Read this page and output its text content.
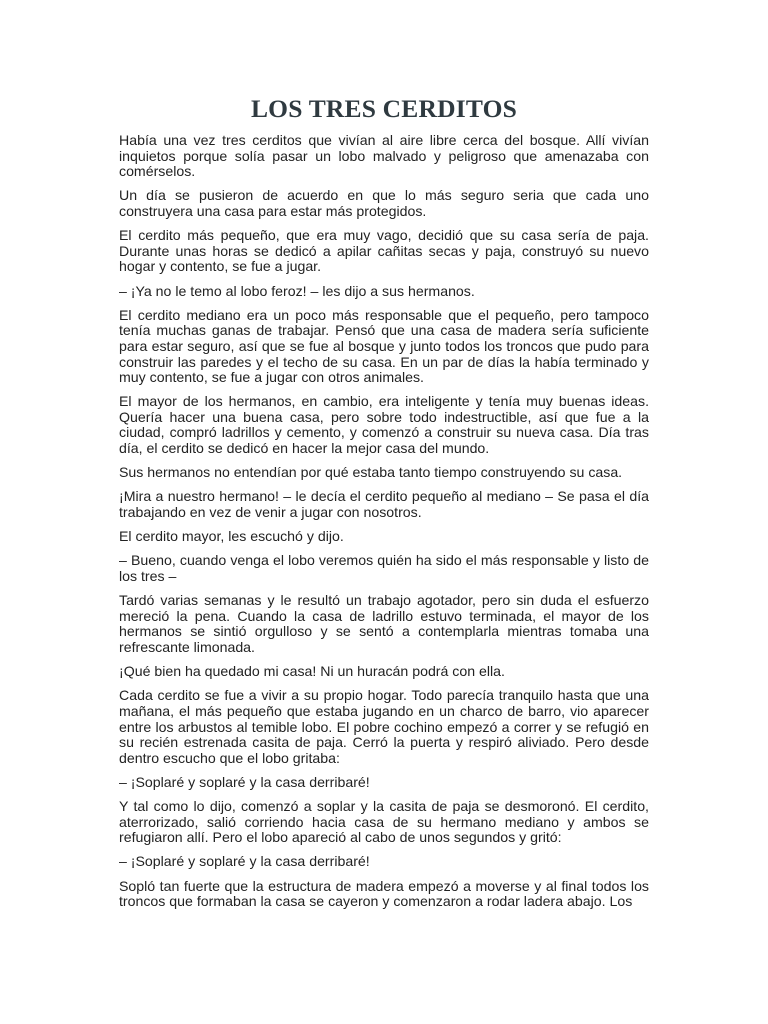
LOS TRES CERDITOS

Había una vez tres cerditos que vivían al aire libre cerca del bosque. Allí vivían inquietos porque solía pasar un lobo malvado y peligroso que amenazaba con comérselos.

Un día se pusieron de acuerdo en que lo más seguro seria que cada uno construyera una casa para estar más protegidos.

El cerdito más pequeño, que era muy vago, decidió que su casa sería de paja. Durante unas horas se dedicó a apilar cañitas secas y paja, construyó su nuevo hogar y contento, se fue a jugar.

– ¡Ya no le temo al lobo feroz! – les dijo a sus hermanos.

El cerdito mediano era un poco más responsable que el pequeño, pero tampoco tenía muchas ganas de trabajar. Pensó que una casa de madera sería suficiente para estar seguro, así que se fue al bosque y junto todos los troncos que pudo para construir las paredes y el techo de su casa. En un par de días la había terminado y muy contento, se fue a jugar con otros animales.

El mayor de los hermanos, en cambio, era inteligente y tenía muy buenas ideas. Quería hacer una buena casa, pero sobre todo indestructible, así que fue a la ciudad, compró ladrillos y cemento, y comenzó a construir su nueva casa. Día tras día, el cerdito se dedicó en hacer la mejor casa del mundo.

Sus hermanos no entendían por qué estaba tanto tiempo construyendo su casa.

¡Mira a nuestro hermano! – le decía el cerdito pequeño al mediano – Se pasa el día trabajando en vez de venir a jugar con nosotros.

El cerdito mayor, les escuchó y dijo.

– Bueno, cuando venga el lobo veremos quién ha sido el más responsable y listo de los tres –

Tardó varias semanas y le resultó un trabajo agotador, pero sin duda el esfuerzo mereció la pena. Cuando la casa de ladrillo estuvo terminada, el mayor de los hermanos se sintió orgulloso y se sentó a contemplarla mientras tomaba una refrescante limonada.

¡Qué bien ha quedado mi casa! Ni un huracán podrá con ella.

Cada cerdito se fue a vivir a su propio hogar. Todo parecía tranquilo hasta que una mañana, el más pequeño que estaba jugando en un charco de barro, vio aparecer entre los arbustos al temible lobo. El pobre cochino empezó a correr y se refugió en su recién estrenada casita de paja. Cerró la puerta y respiró aliviado. Pero desde dentro escucho que el lobo gritaba:

– ¡Soplaré y soplaré y la casa derribaré!

Y tal como lo dijo, comenzó a soplar y la casita de paja se desmoronó. El cerdito, aterrorizado, salió corriendo hacia casa de su hermano mediano y ambos se refugiaron allí. Pero el lobo apareció al cabo de unos segundos y gritó:

– ¡Soplaré y soplaré y la casa derribaré!

Sopló tan fuerte que la estructura de madera empezó a moverse y al final todos los troncos que formaban la casa se cayeron y comenzaron a rodar ladera abajo. Los
